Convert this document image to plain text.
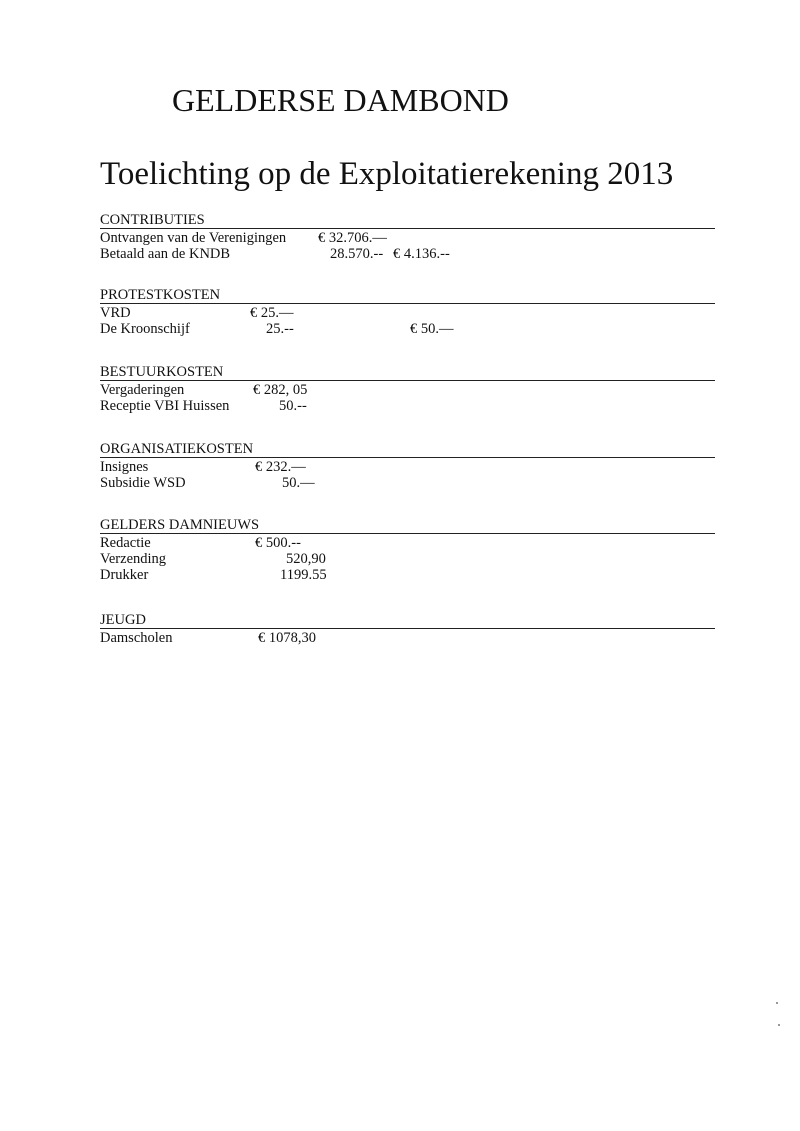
GELDERSE DAMBOND
Toelichting op de Exploitatierekening 2013
CONTRIBUTIES
Ontvangen van de Verenigingen € 32.706.—
Betaald aan de KNDB	28.570.-- € 4.136.--
PROTESTKOSTEN
VRD	€ 25.—
De Kroonschijf	25.--	€ 50.—
BESTUURKOSTEN
Vergaderingen	€ 282, 05
Receptie VBI Huissen	50.--
ORGANISATIEKOSTEN
Insignes	€ 232.—
Subsidie WSD	50.—
GELDERS DAMNIEUWS
Redactie	€ 500.--
Verzending	520,90
Drukker	1199.55
JEUGD
Damscholen	€ 1078,30
